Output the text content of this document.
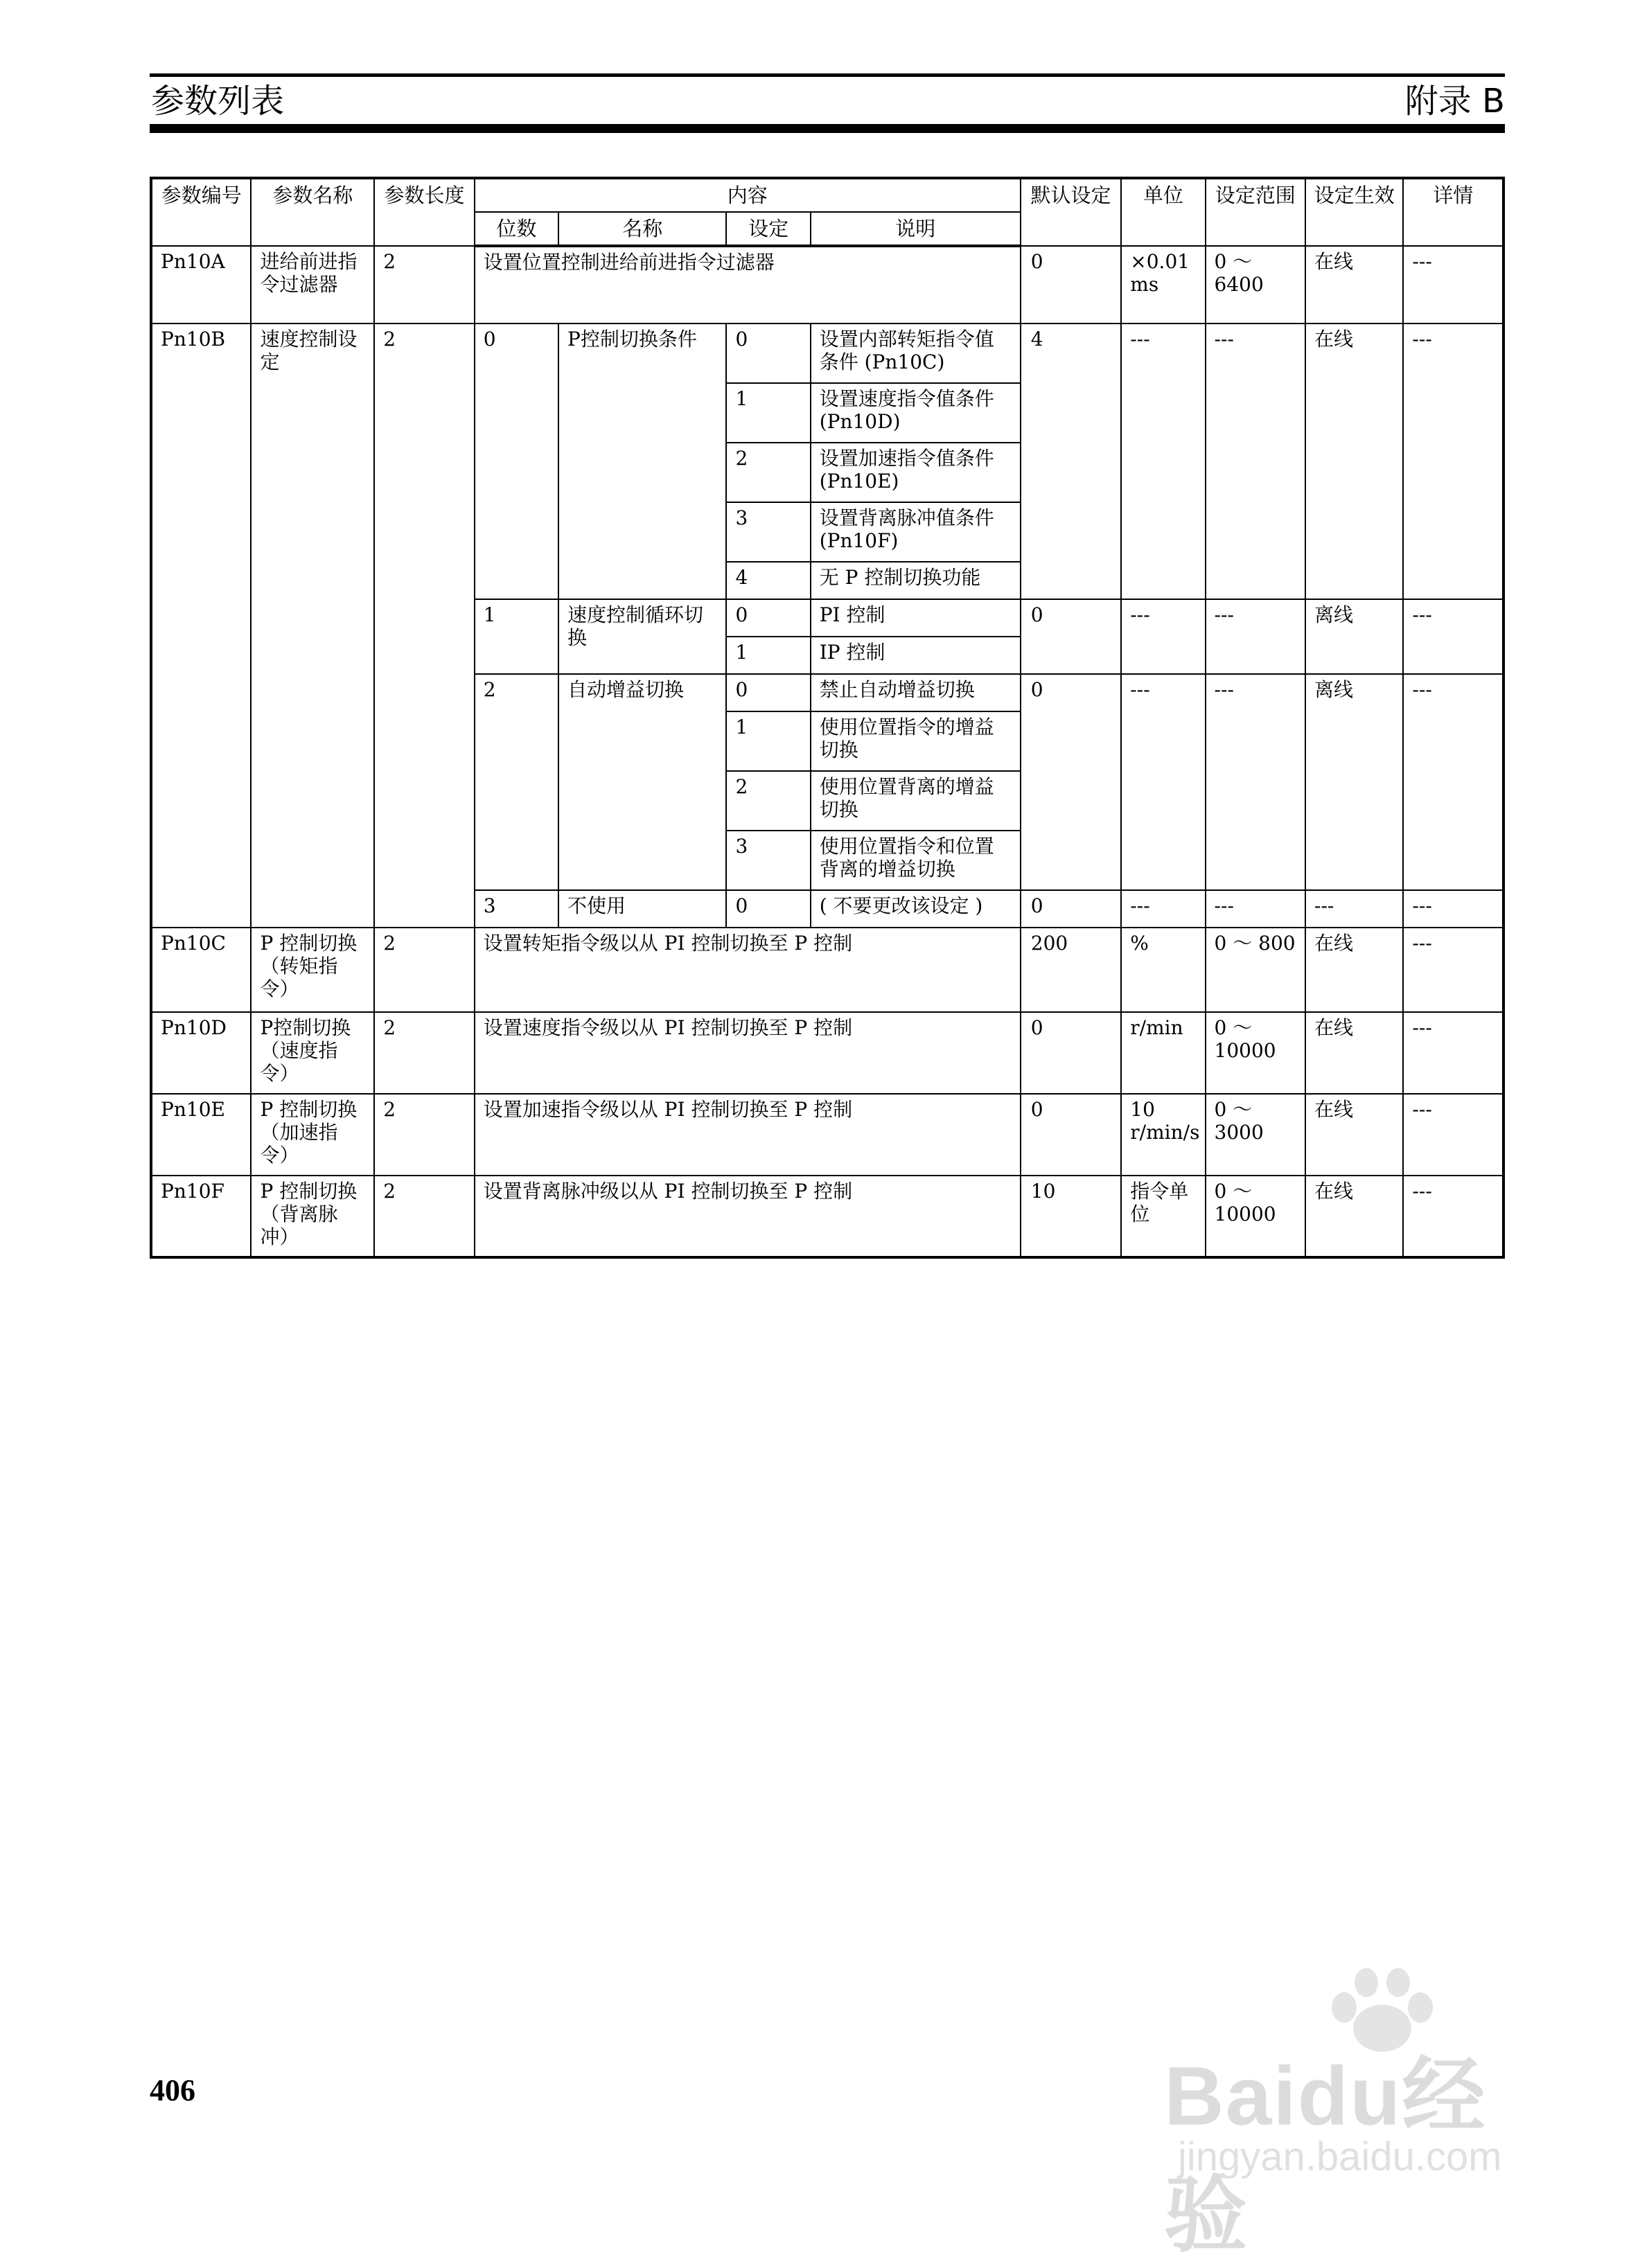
参数列表	附录 B
参数编号	参数名称	参数长度	内容				默认设定	单位	设定范围	设定生效	详情
			位数	名称	设定	说明					
Pn10A	进给前进指令过滤器	2	设置位置控制进给前进指令过滤器				0	×0.01 ms	0 ～ 6400	在线	---
Pn10B	速度控制设定	2	0	P控制切换条件	0	设置内部转矩指令值条件 (Pn10C)	4	---	---	在线	---
					1	设置速度指令值条件 (Pn10D)					
					2	设置加速指令值条件 (Pn10E)					
					3	设置背离脉冲值条件 (Pn10F)					
					4	无 P 控制切换功能					
			1	速度控制循环切换	0	PI 控制	0	---	---	离线	---
					1	IP 控制					
			2	自动增益切换	0	禁止自动增益切换	0	---	---	离线	---
					1	使用位置指令的增益切换					
					2	使用位置背离的增益切换					
					3	使用位置指令和位置背离的增益切换					
			3	不使用	0	( 不要更改该设定 )	0	---	---	---	---
Pn10C	P 控制切换（转矩指令）	2	设置转矩指令级以从 PI 控制切换至 P 控制				200	%	0 ～ 800	在线	---
Pn10D	P控制切换（速度指令）	2	设置速度指令级以从 PI 控制切换至 P 控制				0	r/min	0 ～ 10000	在线	---
Pn10E	P 控制切换（加速指令）	2	设置加速指令级以从 PI 控制切换至 P 控制				0	10 r/min/s	0 ～ 3000	在线	---
Pn10F	P 控制切换（背离脉冲）	2	设置背离脉冲级以从 PI 控制切换至 P 控制				10	指令单位	0 ～ 10000	在线	---
406	Baidu经验
jingyan.baidu.com
